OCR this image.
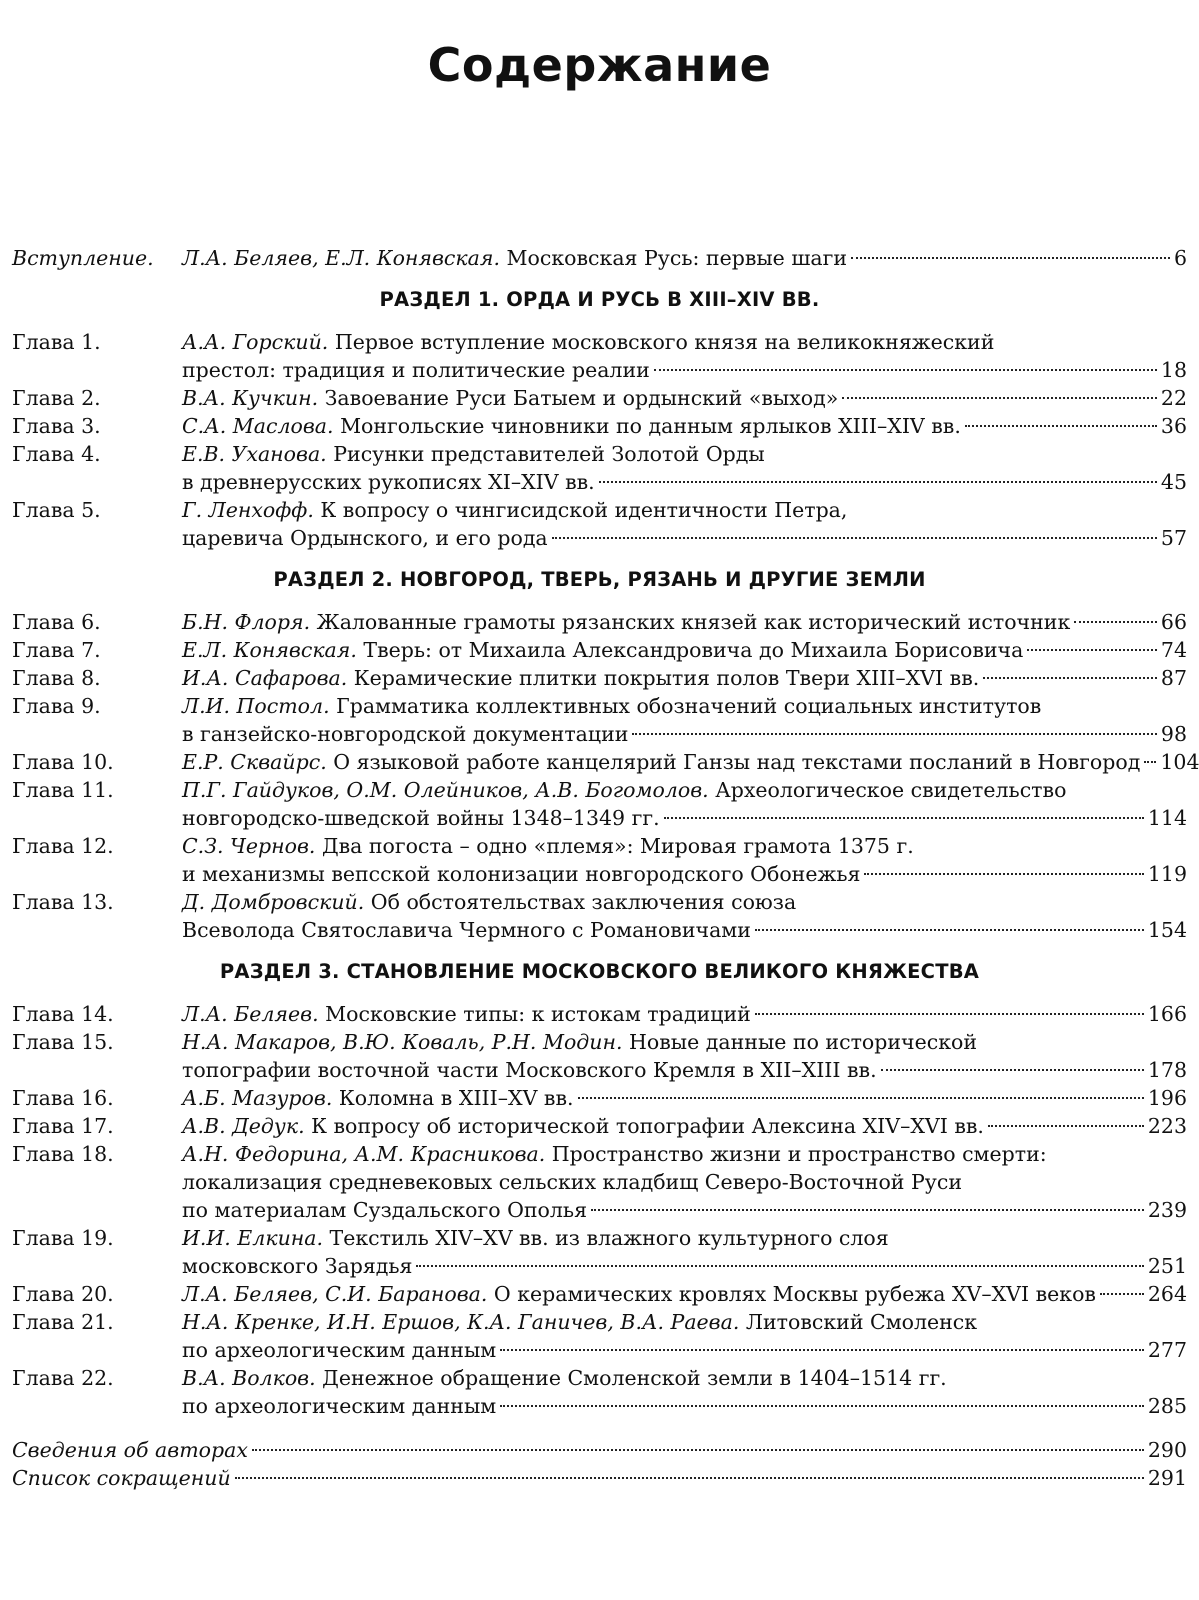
Содержание
Вступление. Л.А. Беляев, Е.Л. Конявская. Московская Русь: первые шаги	6
РАЗДЕЛ 1. ОРДА И РУСЬ В XIII–XIV ВВ.
Глава 1.	А.А. Горский. Первое вступление московского князя на великокняжеский
престол: традиция и политические реалии	18
Глава 2.	В.А. Кучкин. Завоевание Руси Батыем и ордынский «выход»	22
Глава 3.	С.А. Маслова. Монгольские чиновники по данным ярлыков XIII–XIV вв.	36
Глава 4.	Е.В. Уханова. Рисунки представителей Золотой Орды
в древнерусских рукописях XI–XIV вв.	45
Глава 5.	Г. Ленхофф. К вопросу о чингисидской идентичности Петра,
царевича Ордынского, и его рода	57
РАЗДЕЛ 2. НОВГОРОД, ТВЕРЬ, РЯЗАНЬ И ДРУГИЕ ЗЕМЛИ
Глава 6.	Б.Н. Флоря. Жалованные грамоты рязанских князей как исторический источник	66
Глава 7.	Е.Л. Конявская. Тверь: от Михаила Александровича до Михаила Борисовича	74
Глава 8.	И.А. Сафарова. Керамические плитки покрытия полов Твери XIII–XVI вв.	87
Глава 9.	Л.И. Постол. Грамматика коллективных обозначений социальных институтов
в ганзейско-новгородской документации	98
Глава 10.	Е.Р. Сквайрс. О языковой работе канцелярий Ганзы над текстами посланий в Новгород 104
Глава 11.	П.Г. Гайдуков, О.М. Олейников, А.В. Богомолов. Археологическое свидетельство
новгородско-шведской войны 1348–1349 гг.	114
Глава 12.	С.З. Чернов. Два погоста – одно «племя»: Мировая грамота 1375 г.
и механизмы вепсской колонизации новгородского Обонежья	119
Глава 13.	Д. Домбровский. Об обстоятельствах заключения союза
Всеволода Святославича Чермного с Романовичами	154
РАЗДЕЛ 3. СТАНОВЛЕНИЕ МОСКОВСКОГО ВЕЛИКОГО КНЯЖЕСТВА
Глава 14.	Л.А. Беляев. Московские типы: к истокам традиций	166
Глава 15.	Н.А. Макаров, В.Ю. Коваль, Р.Н. Модин. Новые данные по исторической
топографии восточной части Московского Кремля в XII–XIII вв.	178
Глава 16.	А.Б. Мазуров. Коломна в XIII–XV вв.	196
Глава 17.	А.В. Дедук. К вопросу об исторической топографии Алексина XIV–XVI вв.	223
Глава 18.	А.Н. Федорина, А.М. Красникова. Пространство жизни и пространство смерти:
локализация средневековых сельских кладбищ Северо-Восточной Руси
по материалам Суздальского Ополья	239
Глава 19.	И.И. Елкина. Текстиль XIV–XV вв. из влажного культурного слоя
московского Зарядья	251
Глава 20.	Л.А. Беляев, С.И. Баранова. О керамических кровлях Москвы рубежа XV–XVI веков	264
Глава 21.	Н.А. Кренке, И.Н. Ершов, К.А. Ганичев, В.А. Раева. Литовский Смоленск
по археологическим данным	277
Глава 22.	В.А. Волков. Денежное обращение Смоленской земли в 1404–1514 гг.
по археологическим данным	285
Сведения об авторах	290
Список сокращений	291
